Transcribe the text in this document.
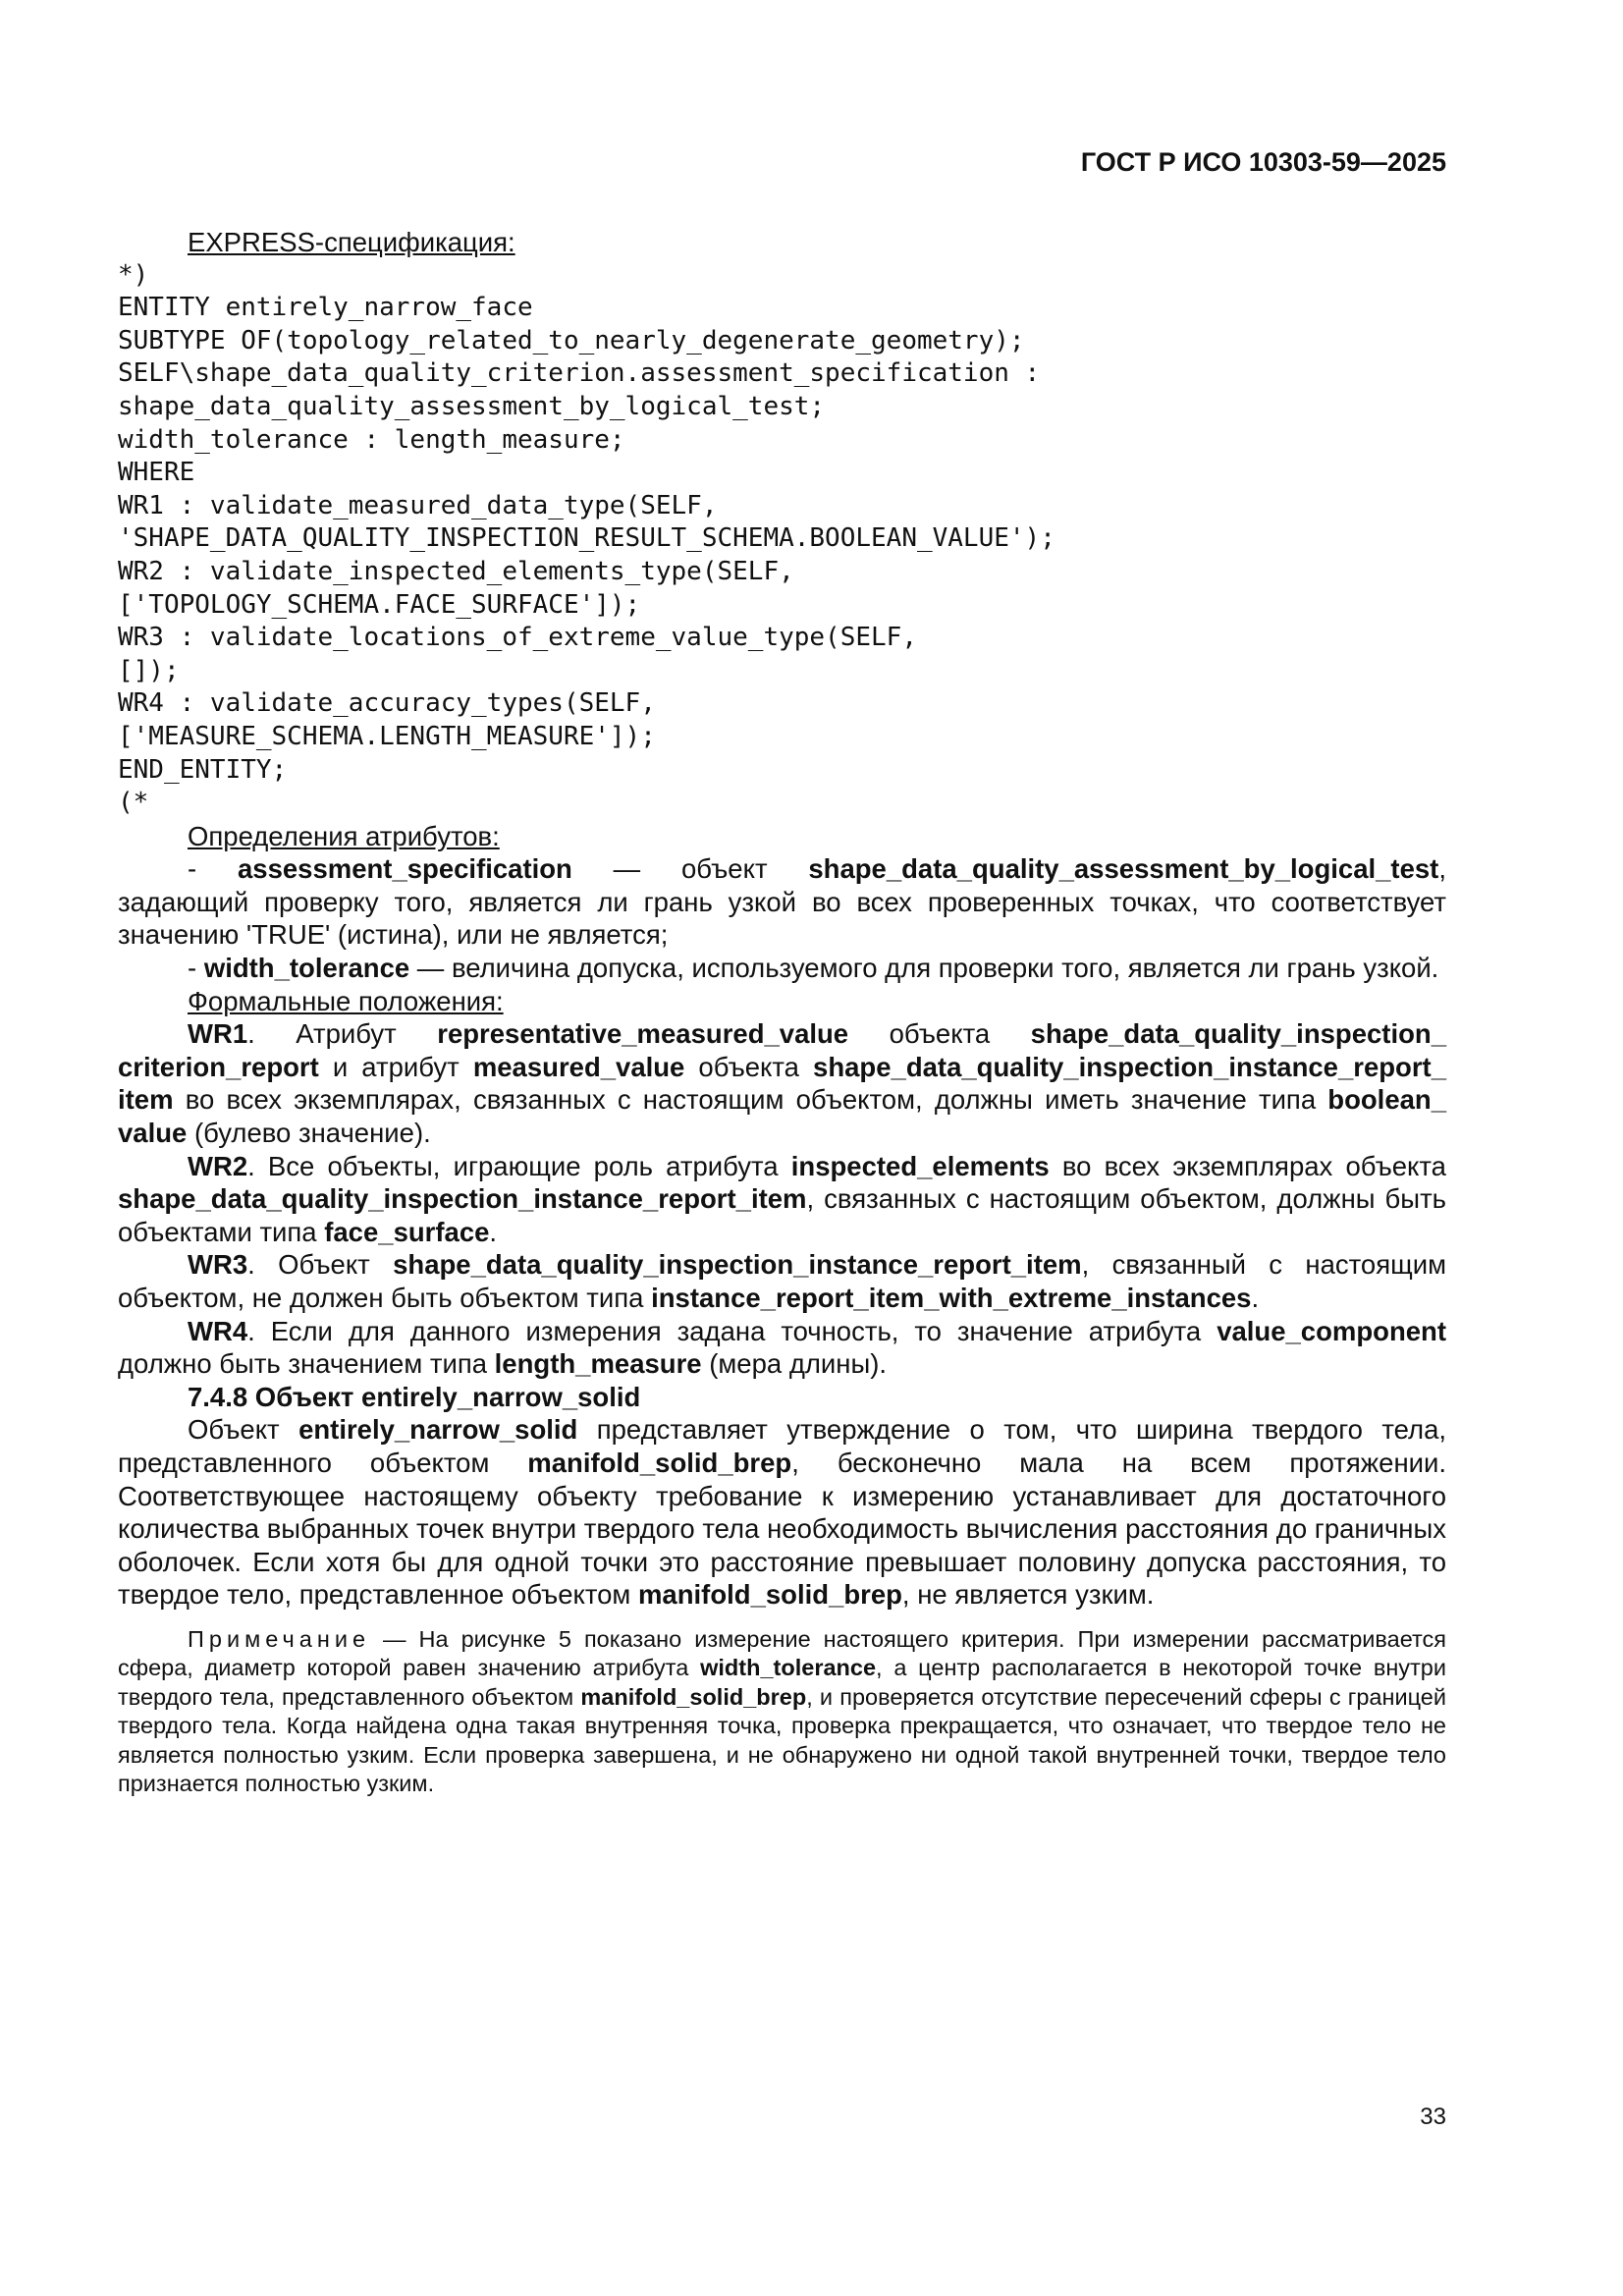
ГОСТ Р ИСО 10303-59—2025
EXPRESS-спецификация:
*)
ENTITY entirely_narrow_face
SUBTYPE OF(topology_related_to_nearly_degenerate_geometry);
SELF\shape_data_quality_criterion.assessment_specification :
shape_data_quality_assessment_by_logical_test;
width_tolerance : length_measure;
WHERE
WR1 : validate_measured_data_type(SELF,
'SHAPE_DATA_QUALITY_INSPECTION_RESULT_SCHEMA.BOOLEAN_VALUE');
WR2 : validate_inspected_elements_type(SELF,
['TOPOLOGY_SCHEMA.FACE_SURFACE']);
WR3 : validate_locations_of_extreme_value_type(SELF,
[]);
WR4 : validate_accuracy_types(SELF,
['MEASURE_SCHEMA.LENGTH_MEASURE']);
END_ENTITY;
(*
Определения атрибутов:

- assessment_specification — объект shape_data_quality_assessment_by_logical_test, задающий проверку того, является ли грань узкой во всех проверенных точках, что соответствует значению 'TRUE' (истина), или не является;

- width_tolerance — величина допуска, используемого для проверки того, является ли грань узкой.

Формальные положения:

WR1. Атрибут representative_measured_value объекта shape_data_quality_inspection_ criterion_report и атрибут measured_value объекта shape_data_quality_inspection_instance_report_ item во всех экземплярах, связанных с настоящим объектом, должны иметь значение типа boolean_ value (булево значение).

WR2. Все объекты, играющие роль атрибута inspected_elements во всех экземплярах объекта shape_data_quality_inspection_instance_report_item, связанных с настоящим объектом, должны быть объектами типа face_surface.

WR3. Объект shape_data_quality_inspection_instance_report_item, связанный с настоящим объектом, не должен быть объектом типа instance_report_item_with_extreme_instances.

WR4. Если для данного измерения задана точность, то значение атрибута value_component должно быть значением типа length_measure (мера длины).

7.4.8 Объект entirely_narrow_solid

Объект entirely_narrow_solid представляет утверждение о том, что ширина твердого тела, представленного объектом manifold_solid_brep, бесконечно мала на всем протяжении. Соответствующее настоящему объекту требование к измерению устанавливает для достаточного количества выбранных точек внутри твердого тела необходимость вычисления расстояния до граничных оболочек. Если хотя бы для одной точки это расстояние превышает половину допуска расстояния, то твердое тело, представленное объектом manifold_solid_brep, не является узким.

Примечание — На рисунке 5 показано измерение настоящего критерия. При измерении рассматривается сфера, диаметр которой равен значению атрибута width_tolerance, а центр располагается в некоторой точке внутри твердого тела, представленного объектом manifold_solid_brep, и проверяется отсутствие пересечений сферы с границей твердого тела. Когда найдена одна такая внутренняя точка, проверка прекращается, что означает, что твердое тело не является полностью узким. Если проверка завершена, и не обнаружено ни одной такой внутренней точки, твердое тело признается полностью узким.

33
